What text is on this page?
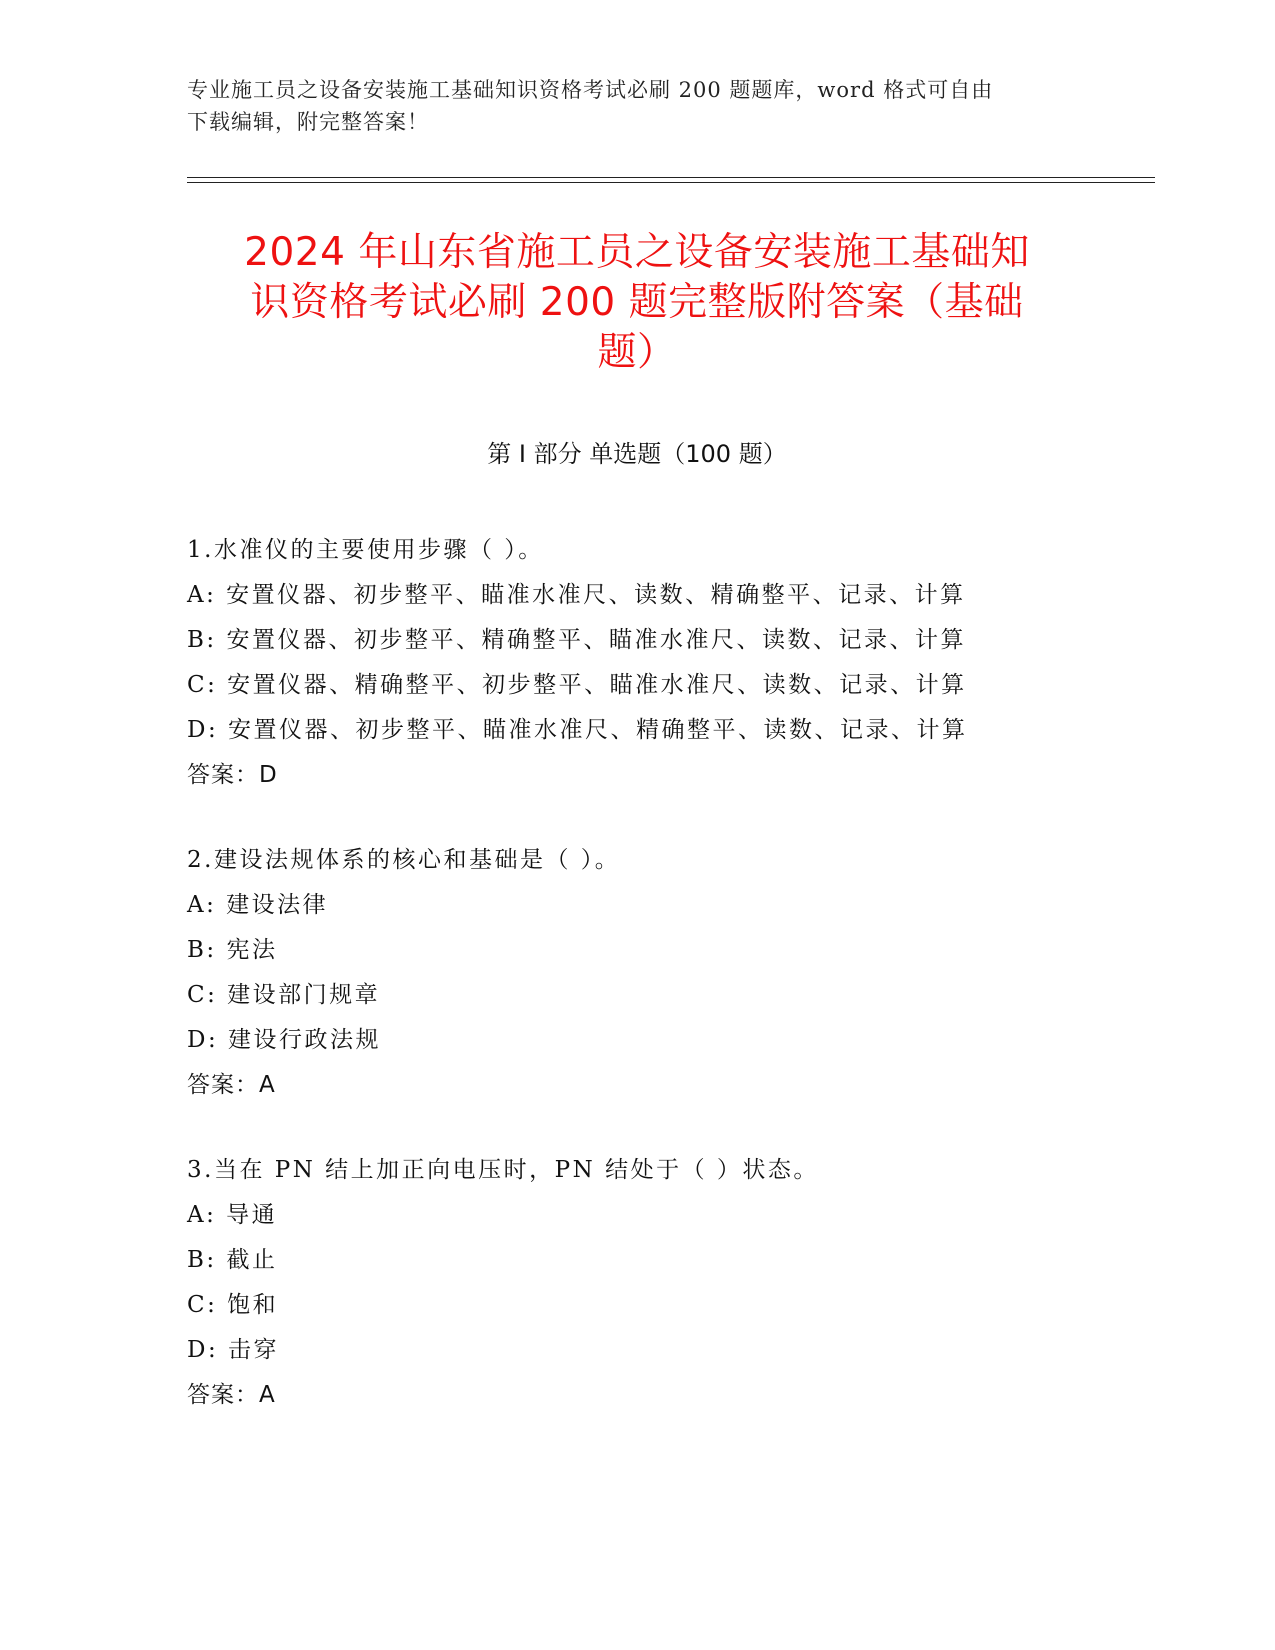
专业施工员之设备安装施工基础知识资格考试必刷 200 题题库，word 格式可自由
下载编辑，附完整答案！
2024 年山东省施工员之设备安装施工基础知
识资格考试必刷 200 题完整版附答案（基础
题）
第 I 部分 单选题（100 题）
1.水准仪的主要使用步骤（ ）。
A: 安置仪器、初步整平、瞄准水准尺、读数、精确整平、记录、计算
B: 安置仪器、初步整平、精确整平、瞄准水准尺、读数、记录、计算
C: 安置仪器、精确整平、初步整平、瞄准水准尺、读数、记录、计算
D: 安置仪器、初步整平、瞄准水准尺、精确整平、读数、记录、计算
答案：D
2.建设法规体系的核心和基础是（ ）。
A: 建设法律
B: 宪法
C: 建设部门规章
D: 建设行政法规
答案：A
3.当在 PN 结上加正向电压时，PN 结处于（ ）状态。
A: 导通
B: 截止
C: 饱和
D: 击穿
答案：A
